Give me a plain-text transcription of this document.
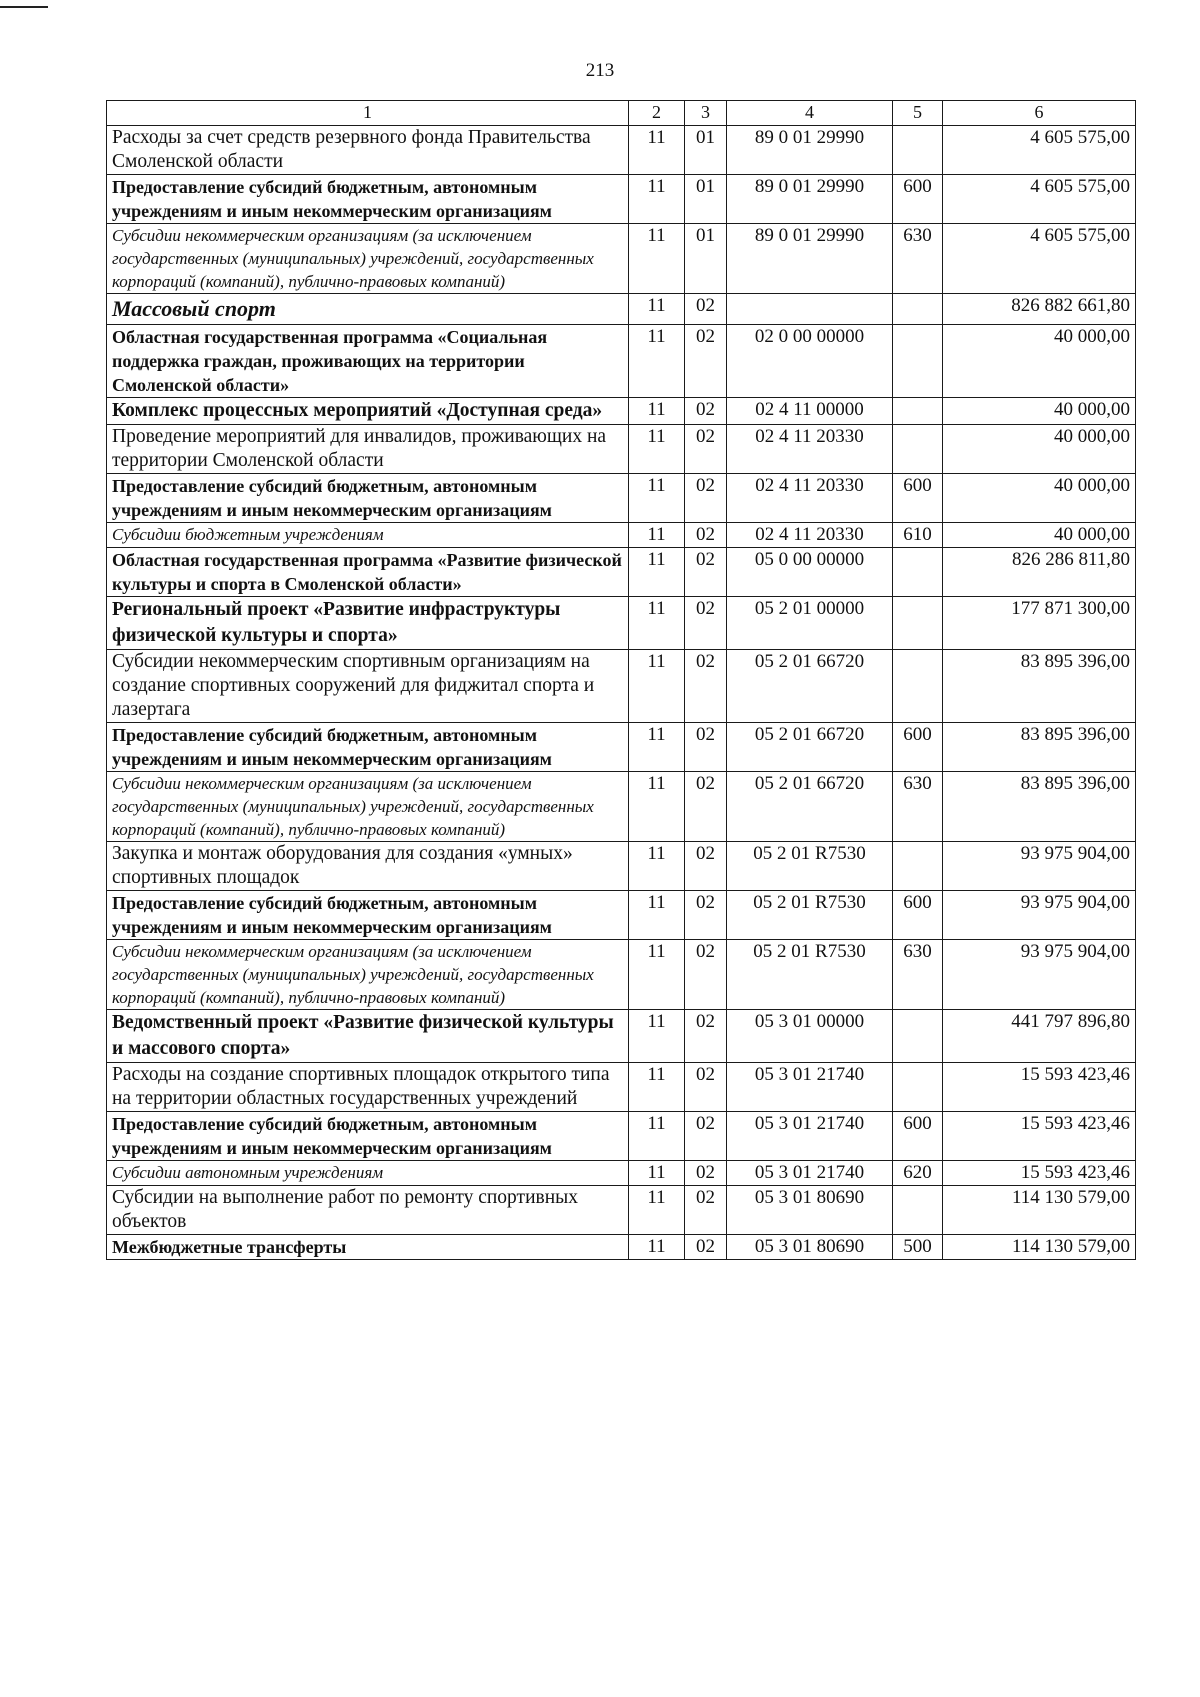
213
1	2	3	4	5	6
Расходы за счет средств резервного фонда Правительства Смоленской области	11	01	89 0 01 29990		4 605 575,00
Предоставление субсидий бюджетным, автономным учреждениям и иным некоммерческим организациям	11	01	89 0 01 29990	600	4 605 575,00
Субсидии некоммерческим организациям (за исключением государственных (муниципальных) учреждений, государственных корпораций (компаний), публично-правовых компаний)	11	01	89 0 01 29990	630	4 605 575,00
Массовый спорт	11	02			826 882 661,80
Областная государственная программа «Социальная поддержка граждан, проживающих на территории Смоленской области»	11	02	02 0 00 00000		40 000,00
Комплекс процессных мероприятий «Доступная среда»	11	02	02 4 11 00000		40 000,00
Проведение мероприятий для инвалидов, проживающих на территории Смоленской области	11	02	02 4 11 20330		40 000,00
Предоставление субсидий бюджетным, автономным учреждениям и иным некоммерческим организациям	11	02	02 4 11 20330	600	40 000,00
Субсидии бюджетным учреждениям	11	02	02 4 11 20330	610	40 000,00
Областная государственная программа «Развитие физической культуры и спорта в Смоленской области»	11	02	05 0 00 00000		826 286 811,80
Региональный проект «Развитие инфраструктуры физической культуры и спорта»	11	02	05 2 01 00000		177 871 300,00
Субсидии некоммерческим спортивным организациям на создание спортивных сооружений для фиджитал спорта и лазертага	11	02	05 2 01 66720		83 895 396,00
Предоставление субсидий бюджетным, автономным учреждениям и иным некоммерческим организациям	11	02	05 2 01 66720	600	83 895 396,00
Субсидии некоммерческим организациям (за исключением государственных (муниципальных) учреждений, государственных корпораций (компаний), публично-правовых компаний)	11	02	05 2 01 66720	630	83 895 396,00
Закупка и монтаж оборудования для создания «умных» спортивных площадок	11	02	05 2 01 R7530		93 975 904,00
Предоставление субсидий бюджетным, автономным учреждениям и иным некоммерческим организациям	11	02	05 2 01 R7530	600	93 975 904,00
Субсидии некоммерческим организациям (за исключением государственных (муниципальных) учреждений, государственных корпораций (компаний), публично-правовых компаний)	11	02	05 2 01 R7530	630	93 975 904,00
Ведомственный проект «Развитие физической культуры и массового спорта»	11	02	05 3 01 00000		441 797 896,80
Расходы на создание спортивных площадок открытого типа на территории областных государственных учреждений	11	02	05 3 01 21740		15 593 423,46
Предоставление субсидий бюджетным, автономным учреждениям и иным некоммерческим организациям	11	02	05 3 01 21740	600	15 593 423,46
Субсидии автономным учреждениям	11	02	05 3 01 21740	620	15 593 423,46
Субсидии на выполнение работ по ремонту спортивных объектов	11	02	05 3 01 80690		114 130 579,00
Межбюджетные трансферты	11	02	05 3 01 80690	500	114 130 579,00
